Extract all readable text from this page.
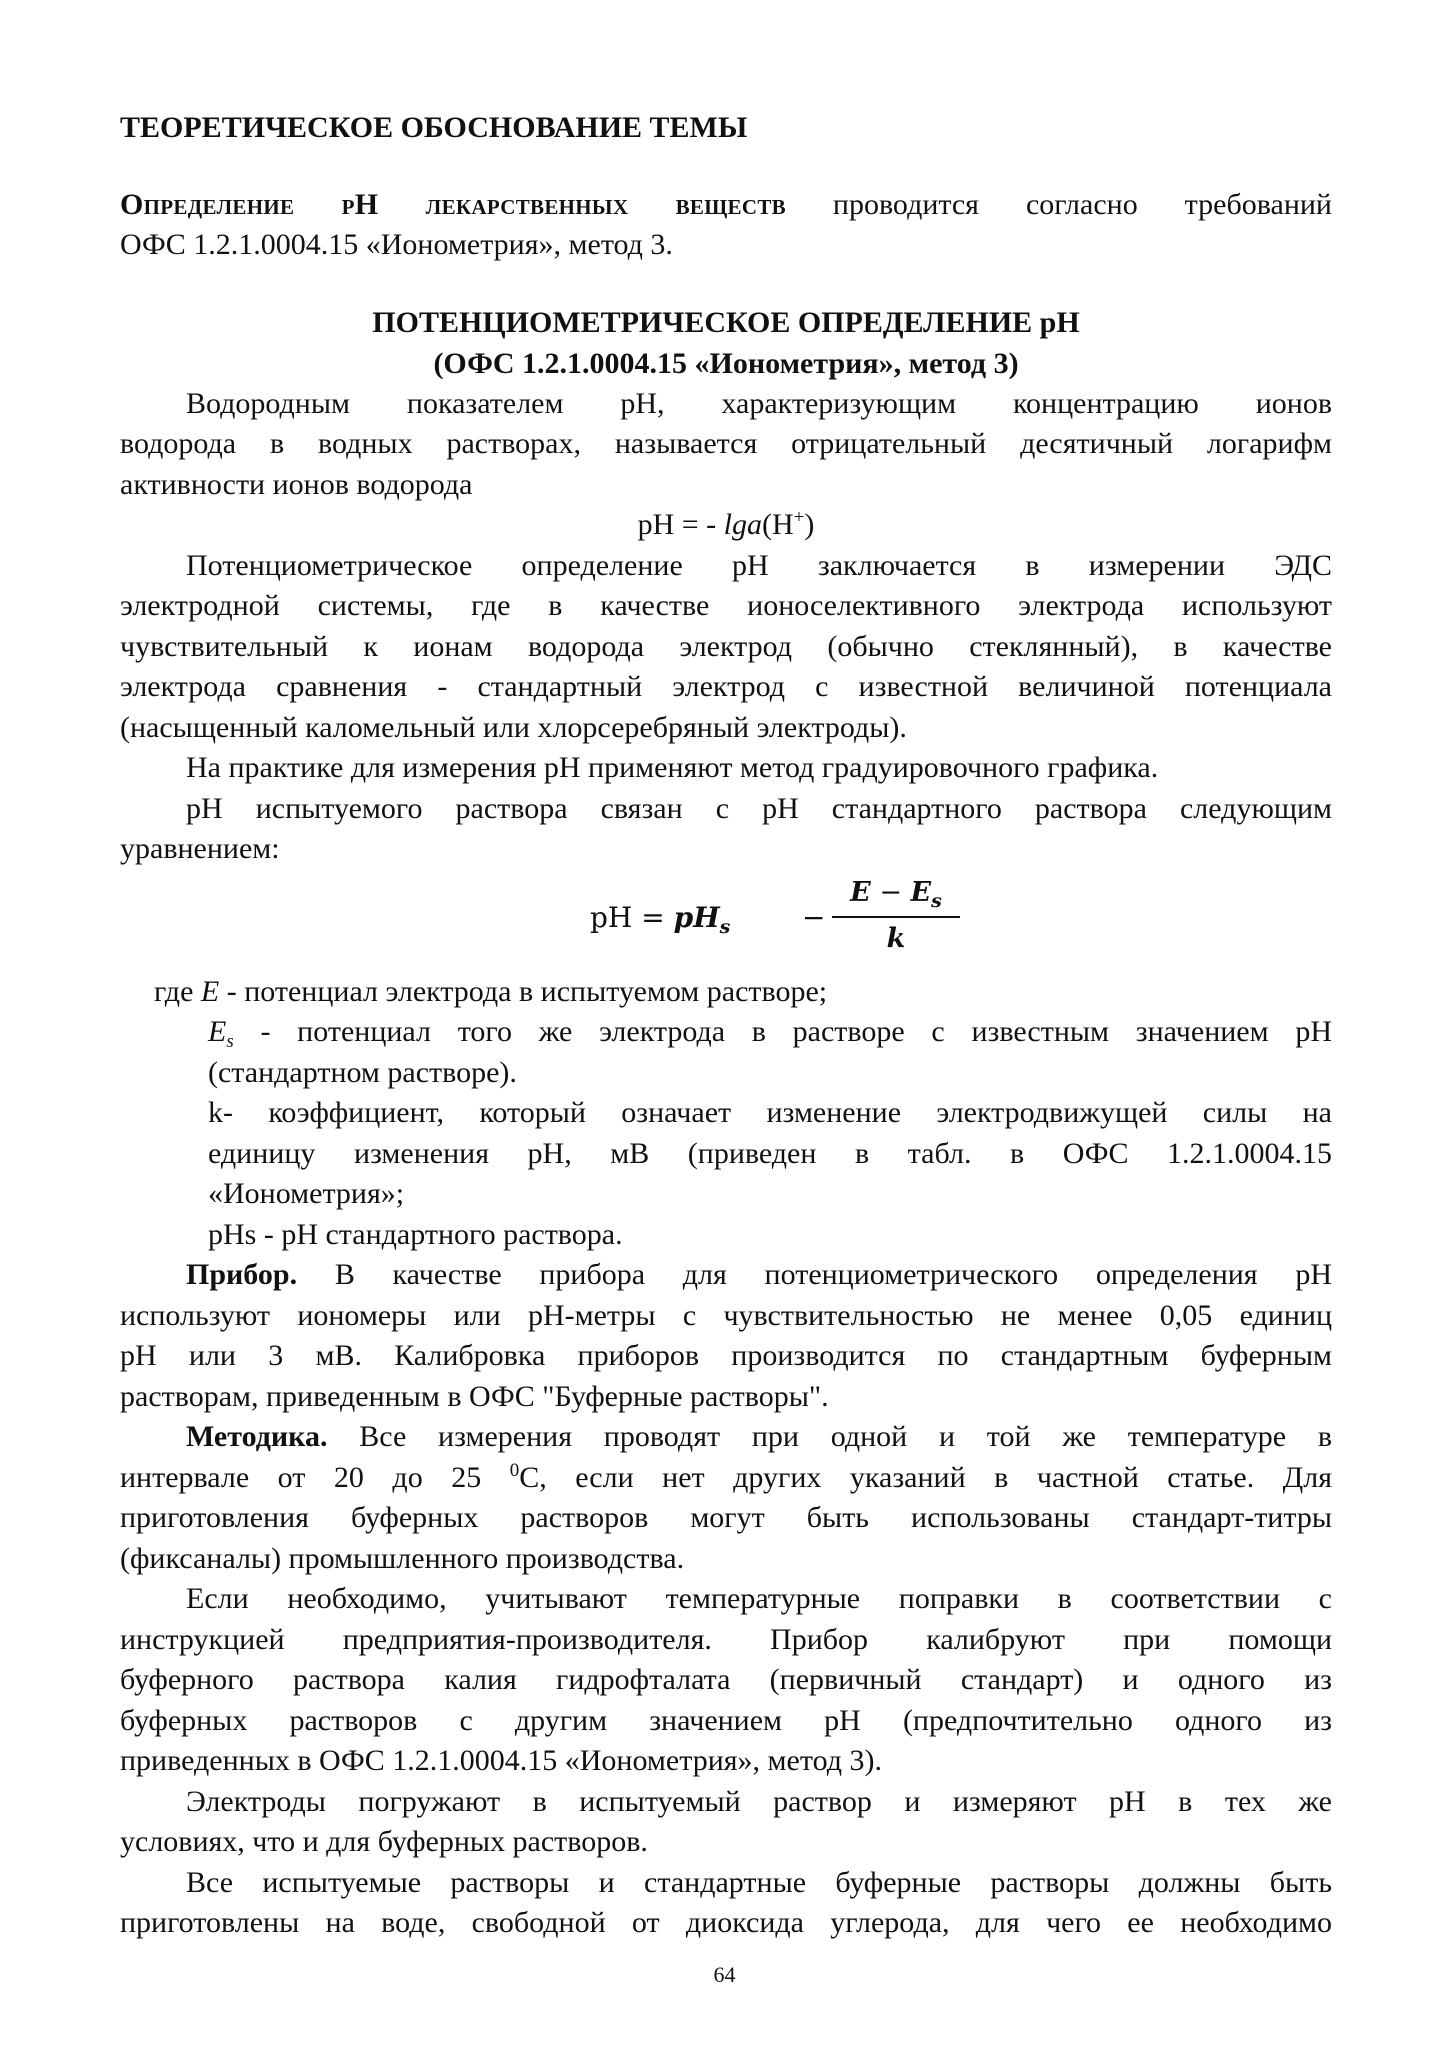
ТЕОРЕТИЧЕСКОЕ ОБОСНОВАНИЕ ТЕМЫ

Определение pH лекарственных веществ проводится согласно требований

ОФС 1.2.1.0004.15 «Ионометрия», метод 3.

ПОТЕНЦИОМЕТРИЧЕСКОЕ ОПРЕДЕЛЕНИЕ pH

(ОФС 1.2.1.0004.15 «Ионометрия», метод 3)

Водородным показателем рН, характеризующим концентрацию ионов

водорода в водных растворах, называется отрицательный десятичный логарифм

активности ионов водорода

pH = - lga(H+)

Потенциометрическое определение рН заключается в измерении ЭДС

электродной системы, где в качестве ионоселективного электрода используют

чувствительный к ионам водорода электрод (обычно стеклянный), в качестве

электрода сравнения - стандартный электрод с известной величиной потенциала

(насыщенный каломельный или хлорсеребряный электроды).

На практике для измерения рН применяют метод градуировочного графика.

рН испытуемого раствора связан с рН стандартного раствора следующим

уравнением:

pH = $pH_s$	− $\frac{E - E_s}{k}$

где E - потенциал электрода в испытуемом растворе;

$E_s$ - потенциал того же электрода в растворе с известным значением рН

(стандартном растворе).

k- коэффициент, который означает изменение электродвижущей силы на

единицу изменения рН, мВ (приведен в табл. в ОФС 1.2.1.0004.15

«Ионометрия»;

pHs - рН стандартного раствора.

Прибор. В качестве прибора для потенциометрического определения рН

используют иономеры или рН-метры с чувствительностью не менее 0,05 единиц

рН или 3 мВ. Калибровка приборов производится по стандартным буферным

растворам, приведенным в ОФС "Буферные растворы".

Методика. Все измерения проводят при одной и той же температуре в

интервале от 20 до 25 $^0$С, если нет других указаний в частной статье. Для

приготовления буферных растворов могут быть использованы стандарт-титры

(фиксаналы) промышленного производства.

Если необходимо, учитывают температурные поправки в соответствии с

инструкцией предприятия-производителя. Прибор калибруют при помощи

буферного раствора калия гидрофталата (первичный стандарт) и одного из

буферных растворов с другим значением рН (предпочтительно одного из

приведенных в ОФС 1.2.1.0004.15 «Ионометрия», метод 3).

Электроды погружают в испытуемый раствор и измеряют рН в тех же

условиях, что и для буферных растворов.

Все испытуемые растворы и стандартные буферные растворы должны быть

приготовлены на воде, свободной от диоксида углерода, для чего ее необходимо

64
